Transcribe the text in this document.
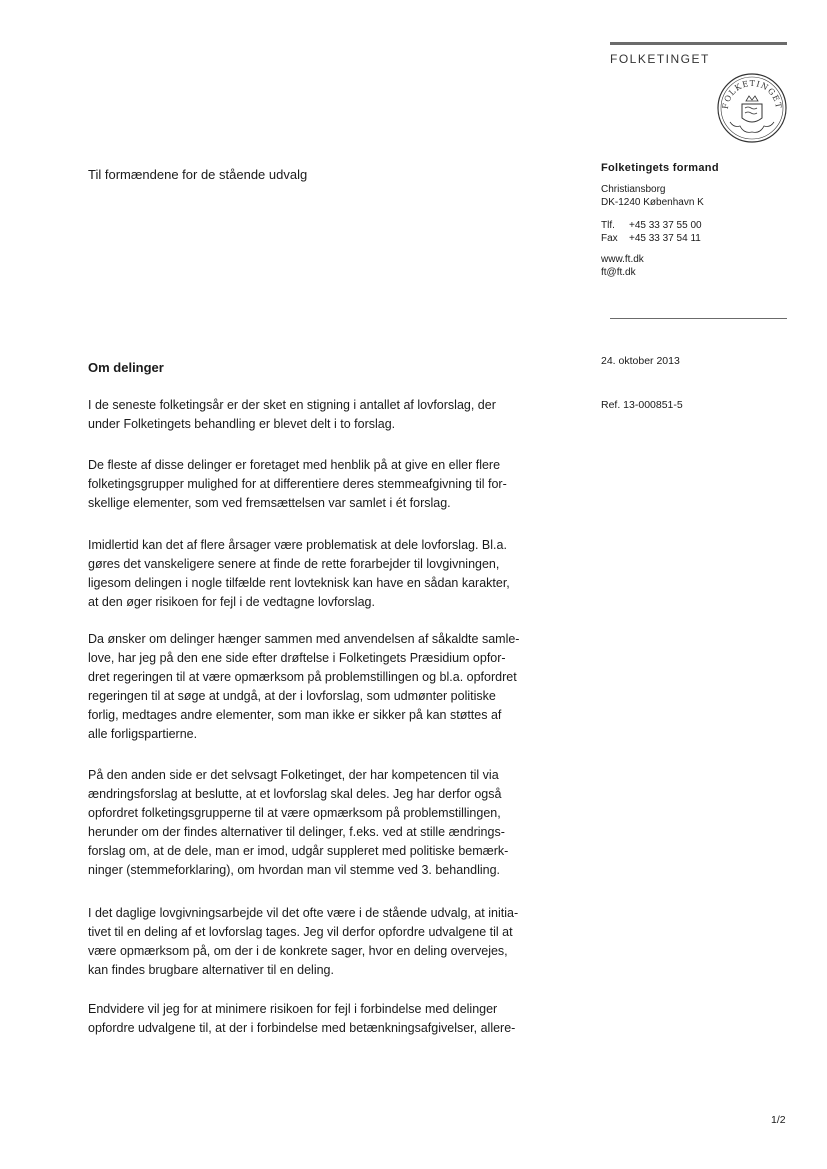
FOLKETINGET
FOLKETINGET
Til formændene for de stående udvalg	Folketingets formand
Christiansborg
DK-1240 København K
Tlf. +45 33 37 55 00
Fax +45 33 37 54 11
www.ft.dk
ft@ft.dk
24. oktober 2013
Ref. 13-000851-5
Om delinger

I de seneste folketingsår er der sket en stigning i antallet af lovforslag, der

under Folketingets behandling er blevet delt i to forslag.

De fleste af disse delinger er foretaget med henblik på at give en eller flere

folketingsgrupper mulighed for at differentiere deres stemmeafgivning til for-

skellige elementer, som ved fremsættelsen var samlet i ét forslag.

Imidlertid kan det af flere årsager være problematisk at dele lovforslag. Bl.a.

gøres det vanskeligere senere at finde de rette forarbejder til lovgivningen,

ligesom delingen i nogle tilfælde rent lovteknisk kan have en sådan karakter,

at den øger risikoen for fejl i de vedtagne lovforslag.

Da ønsker om delinger hænger sammen med anvendelsen af såkaldte samle-

love, har jeg på den ene side efter drøftelse i Folketingets Præsidium opfor-

dret regeringen til at være opmærksom på problemstillingen og bl.a. opfordret

regeringen til at søge at undgå, at der i lovforslag, som udmønter politiske

forlig, medtages andre elementer, som man ikke er sikker på kan støttes af

alle forligspartierne.

På den anden side er det selvsagt Folketinget, der har kompetencen til via

ændringsforslag at beslutte, at et lovforslag skal deles. Jeg har derfor også

opfordret folketingsgrupperne til at være opmærksom på problemstillingen,

herunder om der findes alternativer til delinger, f.eks. ved at stille ændrings-

forslag om, at de dele, man er imod, udgår suppleret med politiske bemærk-

ninger (stemmeforklaring), om hvordan man vil stemme ved 3. behandling.

I det daglige lovgivningsarbejde vil det ofte være i de stående udvalg, at initia-

tivet til en deling af et lovforslag tages. Jeg vil derfor opfordre udvalgene til at

være opmærksom på, om der i de konkrete sager, hvor en deling overvejes,

kan findes brugbare alternativer til en deling.

Endvidere vil jeg for at minimere risikoen for fejl i forbindelse med delinger

opfordre udvalgene til, at der i forbindelse med betænkningsafgivelser, allere-

1/2
